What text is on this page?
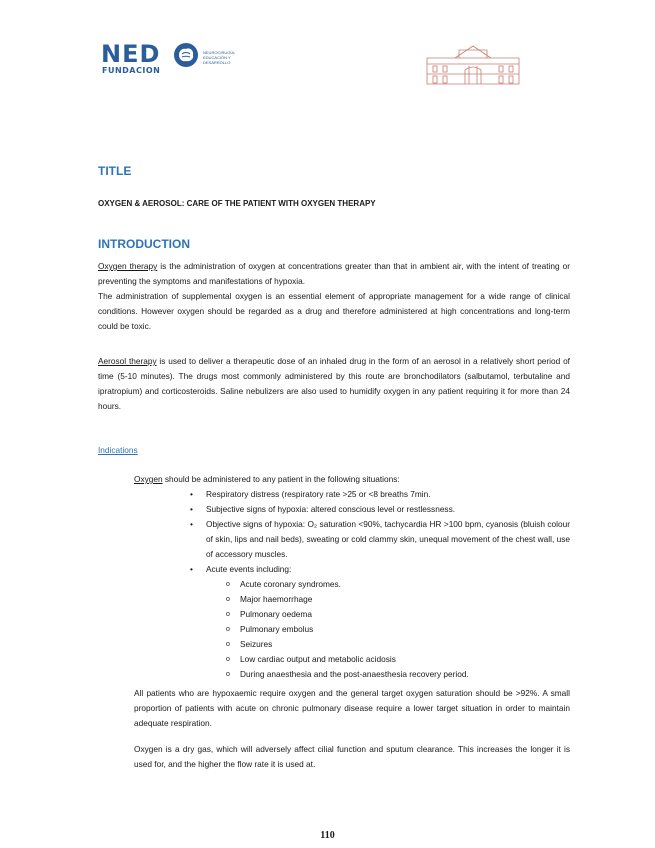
NED
FUNDACION
NEUROCIRUGÍA,
EDUCACIÓN Y
DESARROLLO
TITLE
OXYGEN & AEROSOL: CARE OF THE PATIENT WITH OXYGEN THERAPY
INTRODUCTION
Oxygen therapy is the administration of oxygen at concentrations greater than that in ambient air, with the intent of treating or preventing the symptoms and manifestations of hypoxia.
The administration of supplemental oxygen is an essential element of appropriate management for a wide range of clinical conditions. However oxygen should be regarded as a drug and therefore administered at high concentrations and long-term could be toxic.
Aerosol therapy is used to deliver a therapeutic dose of an inhaled drug in the form of an aerosol in a relatively short period of time (5-10 minutes). The drugs most commonly administered by this route are bronchodilators (salbutamol, terbutaline and ipratropium) and corticosteroids. Saline nebulizers are also used to humidify oxygen in any patient requiring it for more than 24 hours.
Indications
Oxygen should be administered to any patient in the following situations:
• Respiratory distress (respiratory rate >25 or <8 breaths 7min.
• Subjective signs of hypoxia: altered conscious level or restlessness.
• Objective signs of hypoxia: O₂ saturation <90%, tachycardia HR >100 bpm, cyanosis (bluish colour of skin, lips and nail beds), sweating or cold clammy skin, unequal movement of the chest wall, use of accessory muscles.
• Acute events including:
o Acute coronary syndromes.
o Major haemorrhage
o Pulmonary oedema
o Pulmonary embolus
o Seizures
o Low cardiac output and metabolic acidosis
o During anaesthesia and the post-anaesthesia recovery period.
All patients who are hypoxaemic require oxygen and the general target oxygen saturation should be >92%. A small proportion of patients with acute on chronic pulmonary disease require a lower target situation in order to maintain adequate respiration.
Oxygen is a dry gas, which will adversely affect cilial function and sputum clearance. This increases the longer it is used for, and the higher the flow rate it is used at.
110
